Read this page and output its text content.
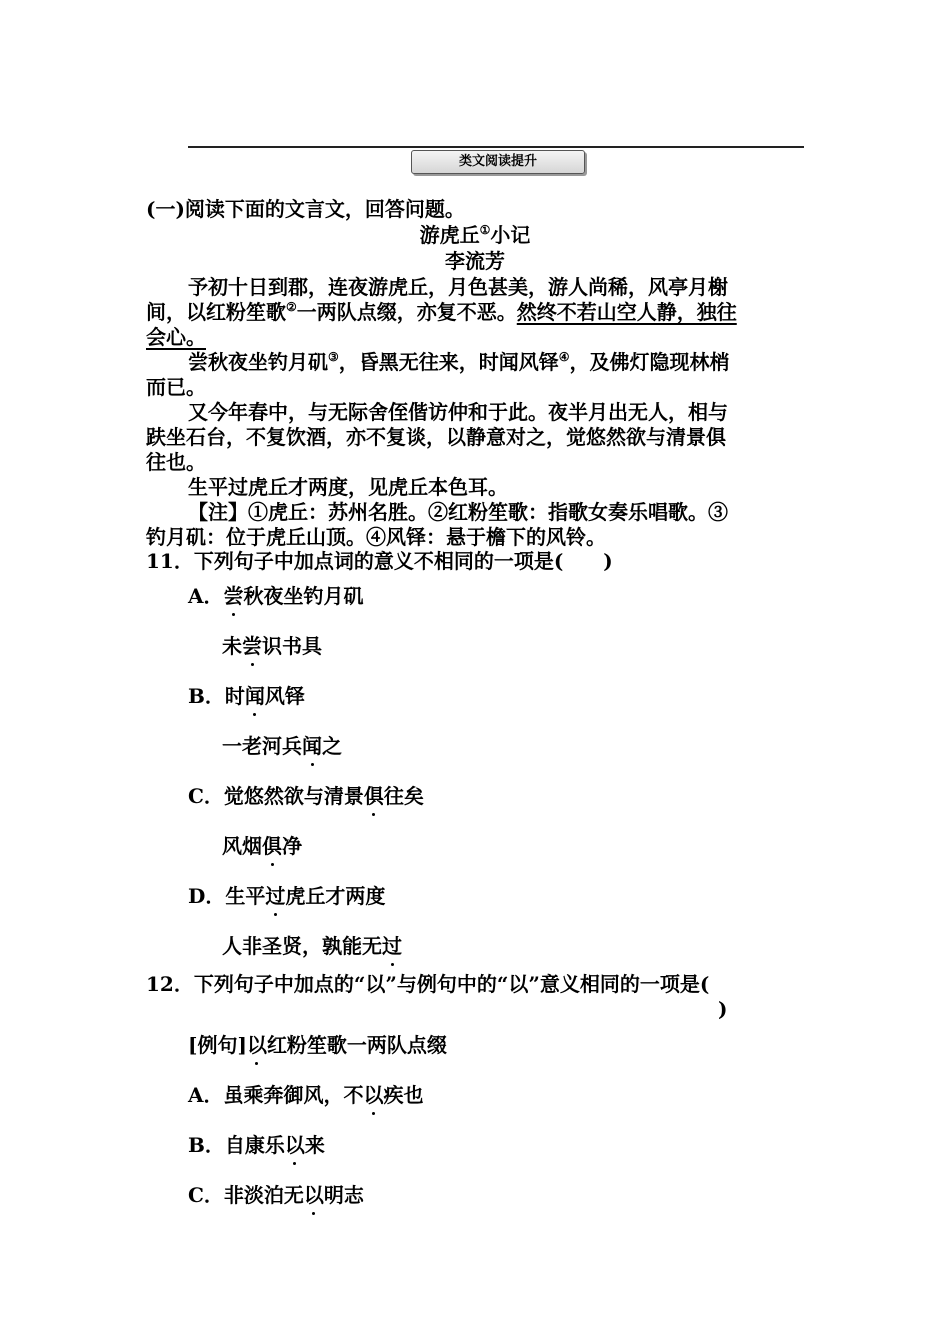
类文阅读提升
(一)阅读下面的文言文，回答问题。
游虎丘①小记
李流芳
予初十日到郡，连夜游虎丘，月色甚美，游人尚稀，风亭月榭
间，以红粉笙歌②一两队点缀，亦复不恶。然终不若山空人静，独往
会心。
尝秋夜坐钓月矶③，昏黑无往来，时闻风铎④，及佛灯隐现林梢
而已。
又今年春中，与无际舍侄偕访仲和于此。夜半月出无人，相与
趺坐石台，不复饮酒，亦不复谈，以静意对之，觉悠然欲与清景俱
往也。
生平过虎丘才两度，见虎丘本色耳。
【注】①虎丘：苏州名胜。②红粉笙歌：指歌女奏乐唱歌。③
钓月矶：位于虎丘山顶。④风铎：悬于檐下的风铃。
11．下列句子中加点词的意义不相同的一项是(　　)
A．尝秋夜坐钓月矶
未尝识书具
B．时闻风铎
一老河兵闻之
C．觉悠然欲与清景俱往矣
风烟俱净
D．生平过虎丘才两度
人非圣贤，孰能无过
12．下列句子中加点的“以”与例句中的“以”意义相同的一项是(
)
[例句]以红粉笙歌一两队点缀
A．虽乘奔御风，不以疾也
B．自康乐以来
C．非淡泊无以明志
